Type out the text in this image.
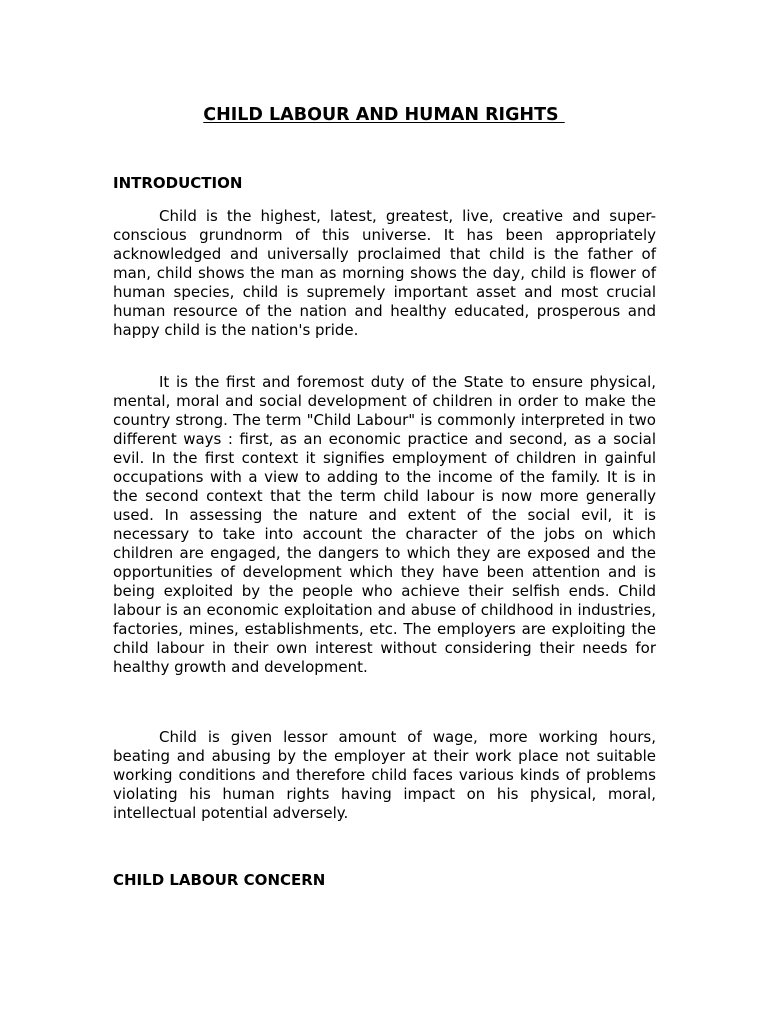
CHILD LABOUR AND HUMAN RIGHTS
INTRODUCTION

Child is the highest, latest, greatest, live, creative and super-conscious grundnorm of this universe. It has been appropriately acknowledged and universally proclaimed that child is the father of man, child shows the man as morning shows the day, child is flower of human species, child is supremely important asset and most crucial human resource of the nation and healthy educated, prosperous and happy child is the nation's pride.

It is the first and foremost duty of the State to ensure physical, mental, moral and social development of children in order to make the country strong. The term "Child Labour" is commonly interpreted in two different ways : first, as an economic practice and second, as a social evil. In the first context it signifies employment of children in gainful occupations with a view to adding to the income of the family. It is in the second context that the term child labour is now more generally used. In assessing the nature and extent of the social evil, it is necessary to take into account the character of the jobs on which children are engaged, the dangers to which they are exposed and the opportunities of development which they have been attention and is being exploited by the people who achieve their selfish ends. Child labour is an economic exploitation and abuse of childhood in industries, factories, mines, establishments, etc. The employers are exploiting the child labour in their own interest without considering their needs for healthy growth and development.

Child is given lessor amount of wage, more working hours, beating and abusing by the employer at their work place not suitable working conditions and therefore child faces various kinds of problems violating his human rights having impact on his physical, moral, intellectual potential adversely.

CHILD LABOUR CONCERN
